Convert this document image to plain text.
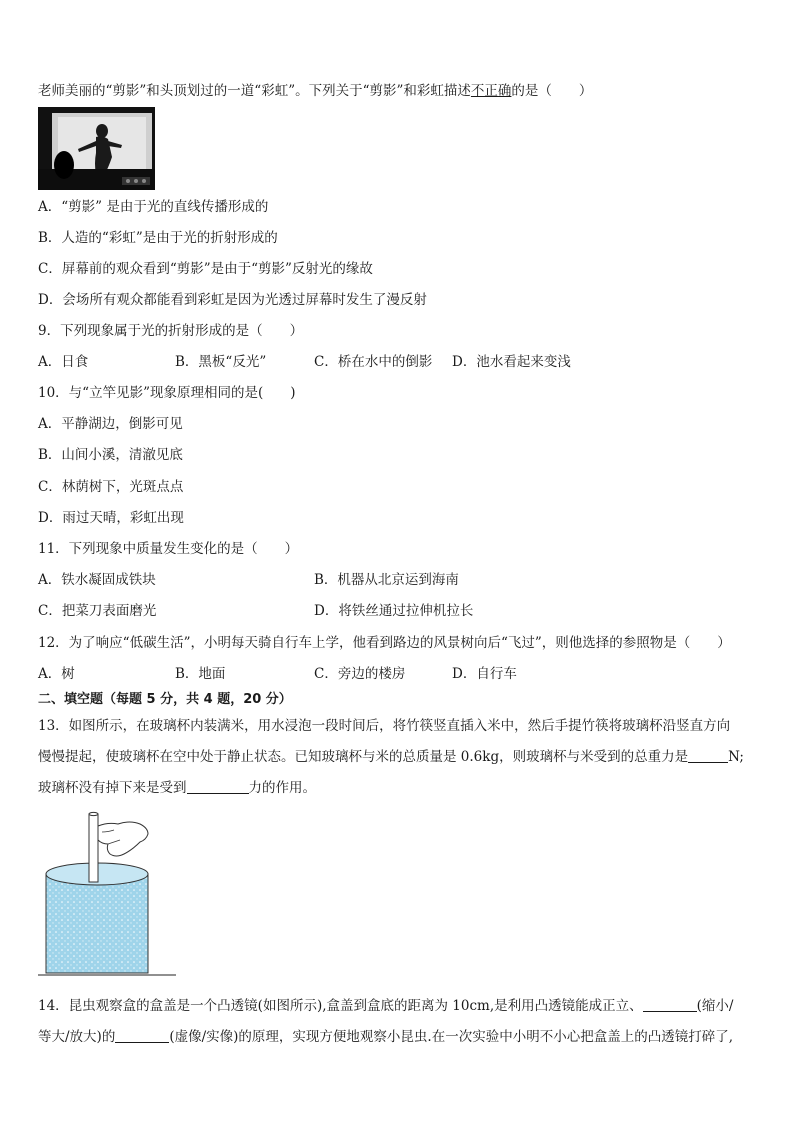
老师美丽的“剪影”和头顶划过的一道“彩虹”。下列关于“剪影”和彩虹描述不正确的是（　　）
A．“剪影” 是由于光的直线传播形成的
B．人造的“彩虹”是由于光的折射形成的
C．屏幕前的观众看到“剪影”是由于“剪影”反射光的缘故
D．会场所有观众都能看到彩虹是因为光透过屏幕时发生了漫反射
9．下列现象属于光的折射形成的是（　　）
A．日食	B．黑板“反光”	C．桥在水中的倒影 D．池水看起来变浅
10．与“立竿见影”现象原理相同的是(　　)
A．平静湖边，倒影可见
B．山间小溪，清澈见底
C．林荫树下，光斑点点
D．雨过天晴，彩虹出现
11．下列现象中质量发生变化的是（　　）
A．铁水凝固成铁块	B．机器从北京运到海南
C．把菜刀表面磨光	D．将铁丝通过拉伸机拉长
12．为了响应“低碳生活”，小明每天骑自行车上学，他看到路边的风景树向后“飞过”，则他选择的参照物是（　　）
A．树	B．地面	C．旁边的楼房	D．自行车
二、填空题（每题 5 分，共 4 题，20 分）
13．如图所示，在玻璃杯内装满米，用水浸泡一段时间后，将竹筷竖直插入米中，然后手提竹筷将玻璃杯沿竖直方向
慢慢提起，使玻璃杯在空中处于静止状态。已知玻璃杯与米的总质量是 0.6kg，则玻璃杯与米受到的总重力是	N;
玻璃杯没有掉下来是受到	力的作用。
14．昆虫观察盒的盒盖是一个凸透镜(如图所示),盒盖到盒底的距离为 10cm,是利用凸透镜能成正立、	(缩小/
等大/放大)的	(虚像/实像)的原理，实现方便地观察小昆虫.在一次实验中小明不小心把盒盖上的凸透镜打碎了,
